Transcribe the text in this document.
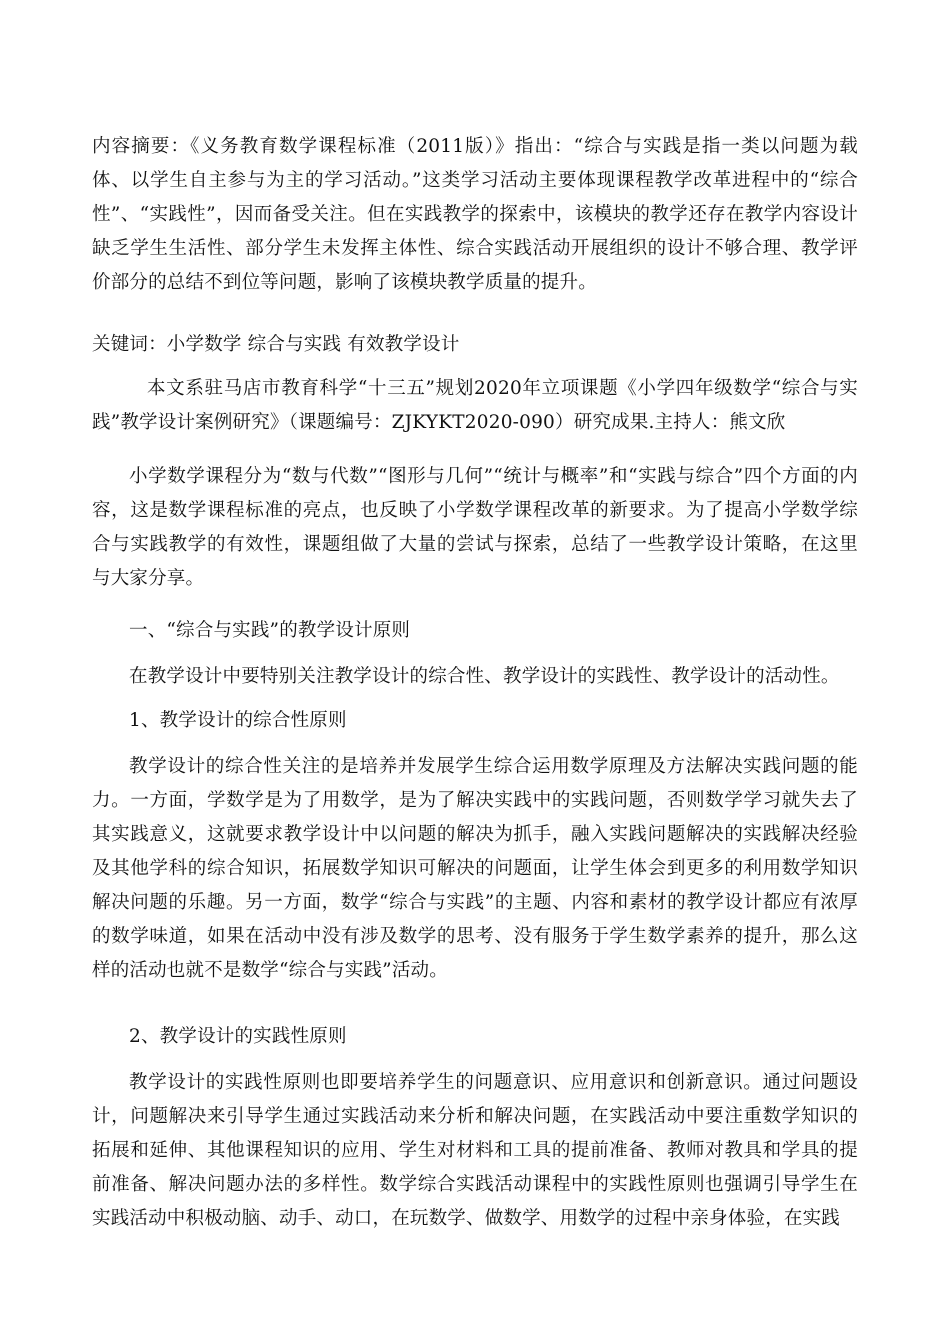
内容摘要：《义务教育数学课程标准（2011版）》指出：“综合与实践是指一类以问题为载体、以学生自主参与为主的学习活动。”这类学习活动主要体现课程教学改革进程中的“综合性”、“实践性”，因而备受关注。但在实践教学的探索中，该模块的教学还存在教学内容设计缺乏学生生活性、部分学生未发挥主体性、综合实践活动开展组织的设计不够合理、教学评价部分的总结不到位等问题，影响了该模块教学质量的提升。

关键词：小学数学 综合与实践 有效教学设计

本文系驻马店市教育科学“十三五”规划2020年立项课题《小学四年级数学“综合与实践”教学设计案例研究》（课题编号：ZJKYKT2020-090）研究成果.主持人：熊文欣

小学数学课程分为“数与代数”“图形与几何”“统计与概率”和“实践与综合”四个方面的内容，这是数学课程标准的亮点，也反映了小学数学课程改革的新要求。为了提高小学数学综合与实践教学的有效性，课题组做了大量的尝试与探索，总结了一些教学设计策略，在这里与大家分享。

一、“综合与实践”的教学设计原则

在教学设计中要特别关注教学设计的综合性、教学设计的实践性、教学设计的活动性。

1、教学设计的综合性原则

教学设计的综合性关注的是培养并发展学生综合运用数学原理及方法解决实践问题的能力。一方面，学数学是为了用数学，是为了解决实践中的实践问题，否则数学学习就失去了其实践意义，这就要求教学设计中以问题的解决为抓手，融入实践问题解决的实践解决经验及其他学科的综合知识，拓展数学知识可解决的问题面，让学生体会到更多的利用数学知识解决问题的乐趣。另一方面，数学“综合与实践”的主题、内容和素材的教学设计都应有浓厚的数学味道，如果在活动中没有涉及数学的思考、没有服务于学生数学素养的提升，那么这样的活动也就不是数学“综合与实践”活动。

2、教学设计的实践性原则

教学设计的实践性原则也即要培养学生的问题意识、应用意识和创新意识。通过问题设计，问题解决来引导学生通过实践活动来分析和解决问题，在实践活动中要注重数学知识的拓展和延伸、其他课程知识的应用、学生对材料和工具的提前准备、教师对教具和学具的提前准备、解决问题办法的多样性。数学综合实践活动课程中的实践性原则也强调引导学生在实践活动中积极动脑、动手、动口，在玩数学、做数学、用数学的过程中亲身体验，在实践
